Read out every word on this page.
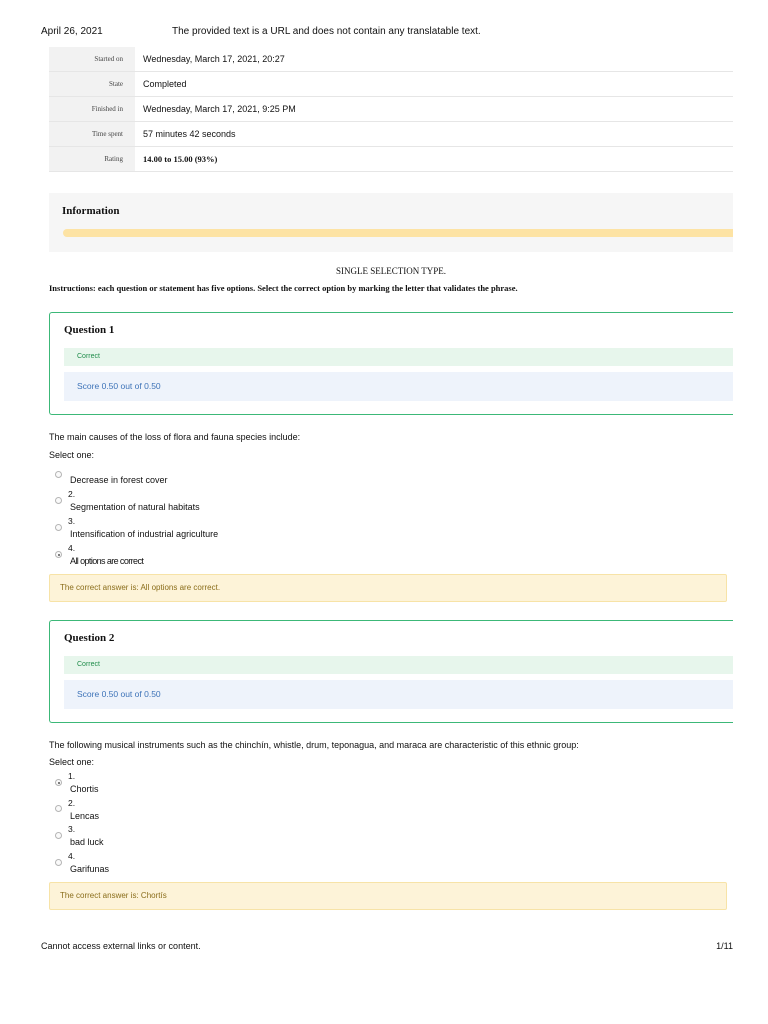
April 26, 2021	The provided text is a URL and does not contain any translatable text.
Started on	Wednesday, March 17, 2021, 20:27
State	Completed
Finished in	Wednesday, March 17, 2021, 9:25 PM
Time spent	57 minutes 42 seconds
Rating	14.00 to 15.00 (93%)
Information
SINGLE SELECTION TYPE.
Instructions: each question or statement has five options. Select the correct option by marking the letter that validates the phrase.
Question 1
Correct
Score 0.50 out of 0.50
The main causes of the loss of flora and fauna species include:
Select one:
Decrease in forest cover
2.
Segmentation of natural habitats
3.
Intensification of industrial agriculture
4.
All options are correct
The correct answer is: All options are correct.
Question 2
Correct
Score 0.50 out of 0.50
The following musical instruments such as the chinchín, whistle, drum, teponagua, and maraca are characteristic of this ethnic group:
Select one:
1.
Chortis
2.
Lencas
3.
bad luck
4.
Garifunas
The correct answer is: Chortís
Cannot access external links or content.	1/11
